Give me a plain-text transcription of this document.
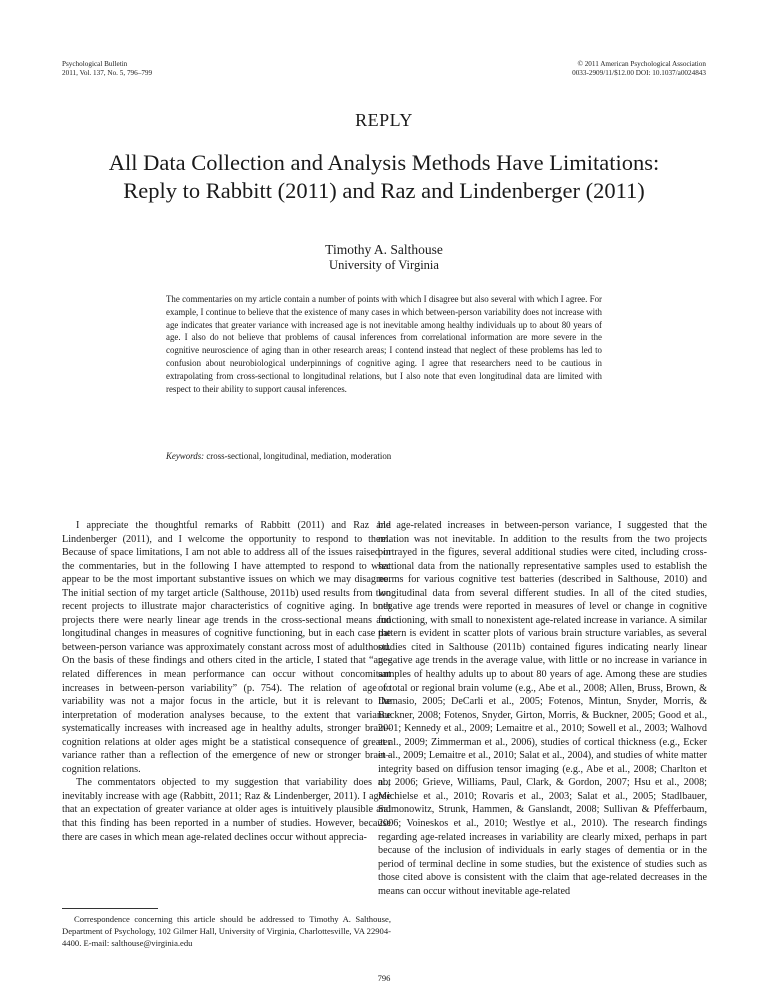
Psychological Bulletin
2011, Vol. 137, No. 5, 796–799
© 2011 American Psychological Association
0033-2909/11/$12.00 DOI: 10.1037/a0024843
REPLY
All Data Collection and Analysis Methods Have Limitations:
Reply to Rabbitt (2011) and Raz and Lindenberger (2011)
Timothy A. Salthouse
University of Virginia

The commentaries on my article contain a number of points with which I disagree but also several with which I agree. For example, I continue to believe that the existence of many cases in which between-person variability does not increase with age indicates that greater variance with increased age is not inevitable among healthy individuals up to about 80 years of age. I also do not believe that problems of causal inferences from correlational information are more severe in the cognitive neuroscience of aging than in other research areas; I contend instead that neglect of these problems has led to confusion about neurobiological underpinnings of cognitive aging. I agree that researchers need to be cautious in extrapolating from cross-sectional to longitudinal relations, but I also note that even longitudinal data are limited with respect to their ability to support causal inferences.

Keywords: cross-sectional, longitudinal, mediation, moderation

I appreciate the thoughtful remarks of Rabbitt (2011) and Raz and Lindenberger (2011), and I welcome the opportunity to respond to them. Because of space limitations, I am not able to address all of the issues raised in the commentaries, but in the following I have attempted to respond to what appear to be the most important substantive issues on which we may disagree. The initial section of my target article (Salthouse, 2011b) used results from two recent projects to illustrate major characteristics of cognitive aging. In both projects there were nearly linear age trends in the cross-sectional means and longitudinal changes in measures of cognitive functioning, but in each case the between-person variance was approximately constant across most of adulthood. On the basis of these findings and others cited in the article, I stated that “age-related differences in mean performance can occur without concomitant increases in between-person variability” (p. 754). The relation of age to variability was not a major focus in the article, but it is relevant to the interpretation of moderation analyses because, to the extent that variance systematically increases with increased age in healthy adults, stronger brain–cognition relations at older ages might be a statistical consequence of greater variance rather than a reflection of the emergence of new or stronger brain–cognition relations.

The commentators objected to my suggestion that variability does not inevitably increase with age (Rabbitt, 2011; Raz & Lindenberger, 2011). I agree that an expectation of greater variance at older ages is intuitively plausible and that this finding has been reported in a number of studies. However, because there are cases in which mean age-related declines occur without apprecia-

ble age-related increases in between-person variance, I suggested that the relation was not inevitable. In addition to the results from the two projects portrayed in the figures, several additional studies were cited, including cross-sectional data from the nationally representative samples used to establish the norms for various cognitive test batteries (described in Salthouse, 2010) and longitudinal data from several different studies. In all of the cited studies, negative age trends were reported in measures of level or change in cognitive functioning, with small to nonexistent age-related increase in variance. A similar pattern is evident in scatter plots of various brain structure variables, as several studies cited in Salthouse (2011b) contained figures indicating nearly linear negative age trends in the average value, with little or no increase in variance in samples of healthy adults up to about 80 years of age. Among these are studies of total or regional brain volume (e.g., Abe et al., 2008; Allen, Bruss, Brown, & Damasio, 2005; DeCarli et al., 2005; Fotenos, Mintun, Snyder, Morris, & Buckner, 2008; Fotenos, Snyder, Girton, Morris, & Buckner, 2005; Good et al., 2001; Kennedy et al., 2009; Lemaitre et al., 2010; Sowell et al., 2003; Walhovd et al., 2009; Zimmerman et al., 2006), studies of cortical thickness (e.g., Ecker et al., 2009; Lemaitre et al., 2010; Salat et al., 2004), and studies of white matter integrity based on diffusion tensor imaging (e.g., Abe et al., 2008; Charlton et al., 2006; Grieve, Williams, Paul, Clark, & Gordon, 2007; Hsu et al., 2008; Michielse et al., 2010; Rovaris et al., 2003; Salat et al., 2005; Stadlbauer, Salmonowitz, Strunk, Hammen, & Ganslandt, 2008; Sullivan & Pfefferbaum, 2006; Voineskos et al., 2010; Westlye et al., 2010). The research findings regarding age-related increases in variability are clearly mixed, perhaps in part because of the inclusion of individuals in early stages of dementia or in the period of terminal decline in some studies, but the existence of studies such as those cited above is consistent with the claim that age-related decreases in the means can occur without inevitable age-related

Correspondence concerning this article should be addressed to Timothy A. Salthouse, Department of Psychology, 102 Gilmer Hall, University of Virginia, Charlottesville, VA 22904-4400. E-mail: salthouse@virginia.edu

796
